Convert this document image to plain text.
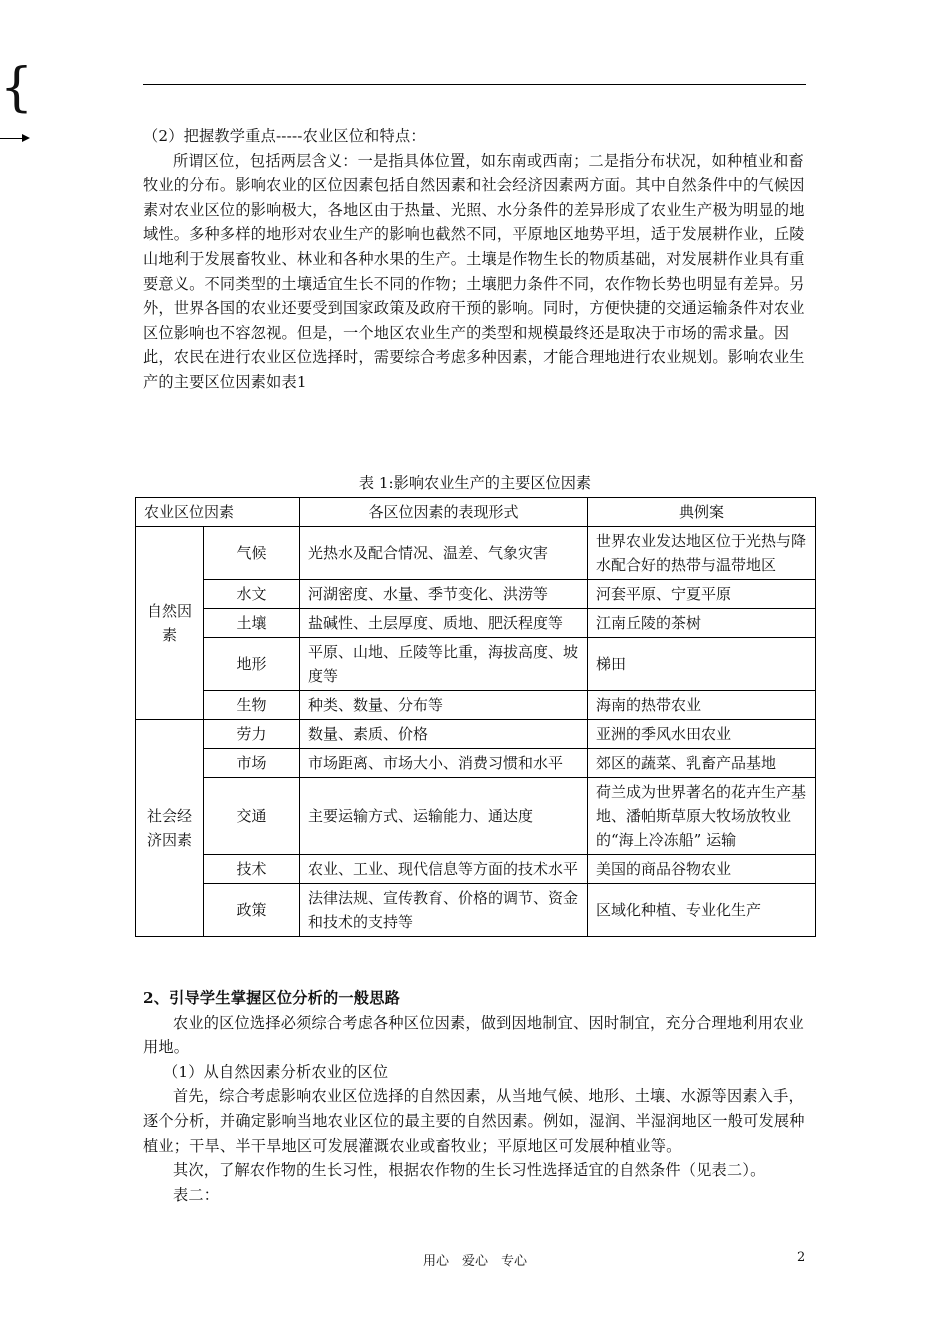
{

（2）把握教学重点-----农业区位和特点：

所谓区位，包括两层含义：一是指具体位置，如东南或西南；二是指分布状况，如种植业和畜牧业的分布。影响农业的区位因素包括自然因素和社会经济因素两方面。其中自然条件中的气候因素对农业区位的影响极大，各地区由于热量、光照、水分条件的差异形成了农业生产极为明显的地域性。多种多样的地形对农业生产的影响也截然不同，平原地区地势平坦，适于发展耕作业，丘陵山地利于发展畜牧业、林业和各种水果的生产。土壤是作物生长的物质基础，对发展耕作业具有重要意义。不同类型的土壤适宜生长不同的作物；土壤肥力条件不同，农作物长势也明显有差异。另外，世界各国的农业还要受到国家政策及政府干预的影响。同时，方便快捷的交通运输条件对农业区位影响也不容忽视。但是，一个地区农业生产的类型和规模最终还是取决于市场的需求量。因此，农民在进行农业区位选择时，需要综合考虑多种因素，才能合理地进行农业规划。影响农业生产的主要区位因素如表1

表 1:影响农业生产的主要区位因素
农业区位因素		各区位因素的表现形式	典例案
自然因素	气候	光热水及配合情况、温差、气象灾害	世界农业发达地区位于光热与降水配合好的热带与温带地区
	水文	河湖密度、水量、季节变化、洪涝等	河套平原、宁夏平原
	土壤	盐碱性、土层厚度、质地、肥沃程度等	江南丘陵的茶树
	地形	平原、山地、丘陵等比重，海拔高度、坡度等	梯田
	生物	种类、数量、分布等	海南的热带农业
社会经济因素	劳力	数量、素质、价格	亚洲的季风水田农业
	市场	市场距离、市场大小、消费习惯和水平	郊区的蔬菜、乳畜产品基地
	交通	主要运输方式、运输能力、通达度	荷兰成为世界著名的花卉生产基地、潘帕斯草原大牧场放牧业的“海上冷冻船” 运输
	技术	农业、工业、现代信息等方面的技术水平	美国的商品谷物农业
	政策	法律法规、宣传教育、价格的调节、资金和技术的支持等	区域化种植、专业化生产

2、引导学生掌握区位分析的一般思路

农业的区位选择必须综合考虑各种区位因素，做到因地制宜、因时制宜，充分合理地利用农业用地。

（1）从自然因素分析农业的区位

首先，综合考虑影响农业区位选择的自然因素，从当地气候、地形、土壤、水源等因素入手，逐个分析，并确定影响当地农业区位的最主要的自然因素。例如，湿润、半湿润地区一般可发展种植业；干旱、半干旱地区可发展灌溉农业或畜牧业；平原地区可发展种植业等。

其次，了解农作物的生长习性，根据农作物的生长习性选择适宜的自然条件（见表二）。

表二：

用心　爱心　专心	2
